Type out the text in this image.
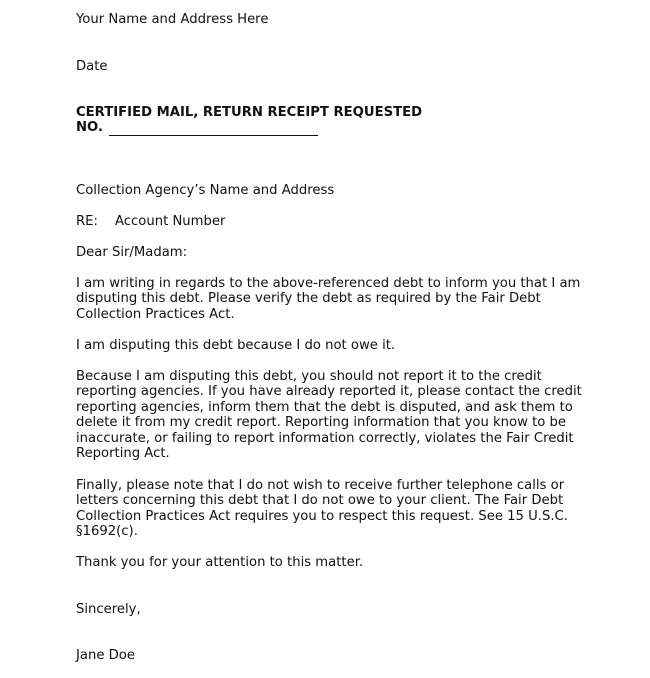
Your Name and Address Here
Date
CERTIFIED MAIL, RETURN RECEIPT REQUESTED
NO.
Collection Agency’s Name and Address
RE: Account Number
Dear Sir/Madam:
I am writing in regards to the above-referenced debt to inform you that I am
disputing this debt. Please verify the debt as required by the Fair Debt
Collection Practices Act.
I am disputing this debt because I do not owe it.
Because I am disputing this debt, you should not report it to the credit
reporting agencies. If you have already reported it, please contact the credit
reporting agencies, inform them that the debt is disputed, and ask them to
delete it from my credit report. Reporting information that you know to be
inaccurate, or failing to report information correctly, violates the Fair Credit
Reporting Act.
Finally, please note that I do not wish to receive further telephone calls or
letters concerning this debt that I do not owe to your client. The Fair Debt
Collection Practices Act requires you to respect this request. See 15 U.S.C.
§1692(c).
Thank you for your attention to this matter.
Sincerely,
Jane Doe
